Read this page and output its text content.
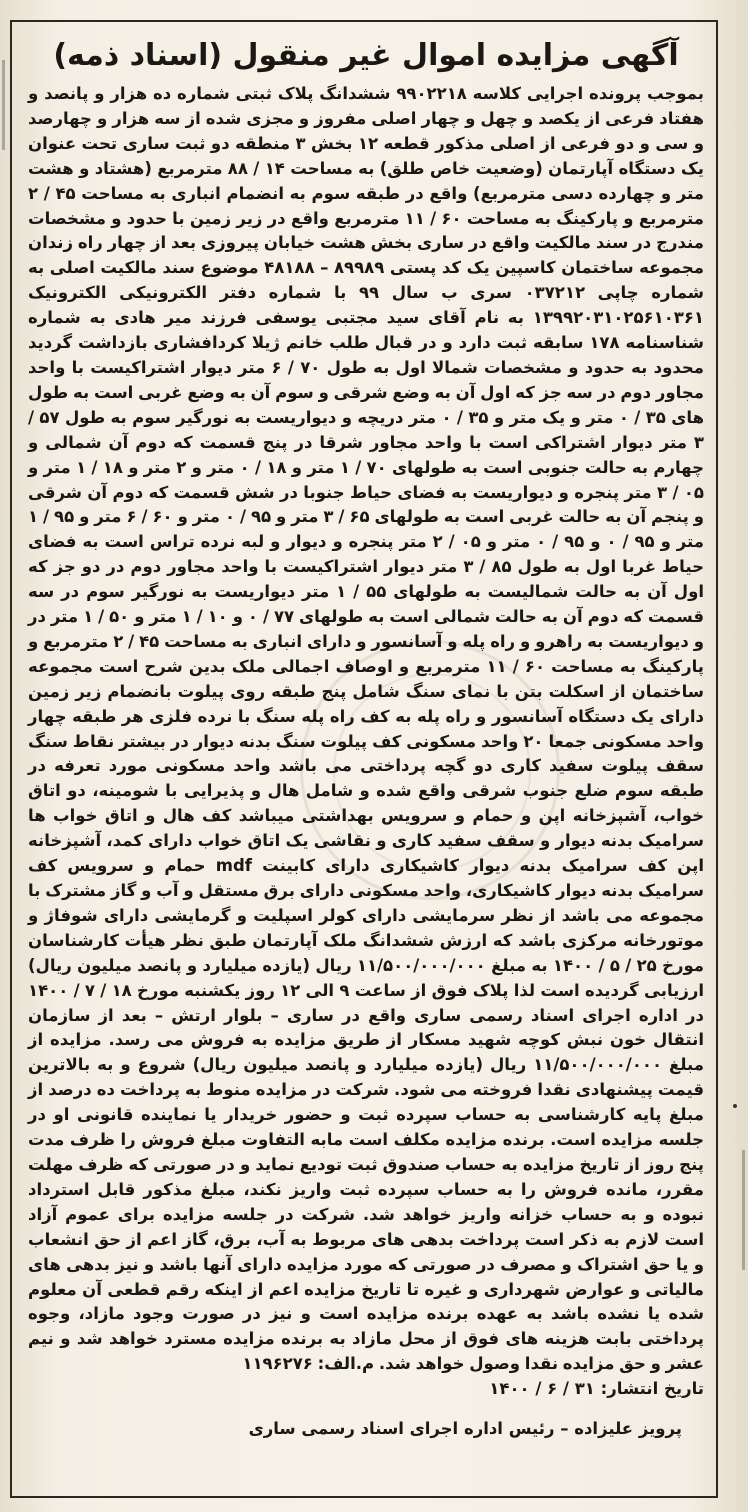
آگهی مزایده اموال غیر منقول (اسناد ذمه)

بموجب پرونده اجرایی کلاسه ۹۹۰۲۲۱۸ ششدانگ پلاک ثبتی شماره ده هزار و پانصد و هفتاد فرعی از یکصد و چهل و چهار اصلی مفروز و مجزی شده از سه هزار و چهارصد و سی و دو فرعی از اصلی مذکور قطعه ۱۲ بخش ۳ منطقه دو ثبت ساری تحت عنوان یک دستگاه آپارتمان (وضعیت خاص طلق) به مساحت ۱۴ / ۸۸ مترمربع (هشتاد و هشت متر و چهارده دسی مترمربع) واقع در طبقه سوم به انضمام انباری به مساحت ۴۵ / ۲ مترمربع و پارکینگ به مساحت ۶۰ / ۱۱ مترمربع واقع در زیر زمین با حدود و مشخصات مندرج در سند مالکیت واقع در ساری بخش هشت خیابان پیروزی بعد از چهار راه زندان مجموعه ساختمان کاسپین یک کد پستی ۸۹۹۸۹ – ۴۸۱۸۸ موضوع سند مالکیت اصلی به شماره چاپی ۰۳۷۲۱۲ سری ب سال ۹۹ با شماره دفتر الکترونیکی الکترونیک ۱۳۹۹۲۰۳۱۰۲۵۶۱۰۳۶۱ به نام آقای سید مجتبی یوسفی فرزند میر هادی به شماره شناسنامه ۱۷۸ سابقه ثبت دارد و در قبال طلب خانم ژیلا کردافشاری بازداشت گردید محدود به حدود و مشخصات شمالا اول به طول ۷۰ / ۶ متر دیوار اشتراکیست با واحد مجاور دوم در سه جز که اول آن به وضع شرقی و سوم آن به وضع غربی است به طول های ۳۵ / ۰ متر و یک متر و ۳۵ / ۰ متر دریچه و دیواریست به نورگیر سوم به طول ۵۷ / ۳ متر دیوار اشتراکی است با واحد مجاور شرقا در پنج قسمت که دوم آن شمالی و چهارم به حالت جنوبی است به طولهای ۷۰ / ۱ متر و ۱۸ / ۰ متر و ۲ متر و ۱۸ / ۱ متر و ۰۵ / ۳ متر پنجره و دیواریست به فضای حیاط جنوبا در شش قسمت که دوم آن شرقی و پنجم آن به حالت غربی است به طولهای ۶۵ / ۳ متر و ۹۵ / ۰ متر و ۶۰ / ۶ متر و ۹۵ / ۱ متر و ۹۵ / ۰ و ۹۵ / ۰ متر و ۰۵ / ۲ متر پنجره و دیوار و لبه نرده تراس است به فضای حیاط غربا اول به طول ۸۵ / ۳ متر دیوار اشتراکیست با واحد مجاور دوم در دو جز که اول آن به حالت شمالیست به طولهای ۵۵ / ۱ متر دیواریست به نورگیر سوم در سه قسمت که دوم آن به حالت شمالی است به طولهای ۷۷ / ۰ و ۱۰ / ۱ متر و ۵۰ / ۱ متر در و دیواریست به راهرو و راه پله و آسانسور و دارای انباری به مساحت ۴۵ / ۲ مترمربع و پارکینگ به مساحت ۶۰ / ۱۱ مترمربع و اوصاف اجمالی ملک بدین شرح است مجموعه ساختمان از اسکلت بتن با نمای سنگ شامل پنج طبقه روی پیلوت بانضمام زیر زمین دارای یک دستگاه آسانسور و راه پله به کف راه پله سنگ با نرده فلزی هر طبقه چهار واحد مسکونی جمعا ۲۰ واحد مسکونی کف پیلوت سنگ بدنه دیوار در بیشتر نقاط سنگ سقف پیلوت سفید کاری دو گچه پرداختی می باشد واحد مسکونی مورد تعرفه در طبقه سوم ضلع جنوب شرقی واقع شده و شامل هال و پذیرایی با شومینه، دو اتاق خواب، آشپزخانه اپن و حمام و سرویس بهداشتی میباشد کف هال و اتاق خواب ها سرامیک بدنه دیوار و سقف سفید کاری و نقاشی یک اتاق خواب دارای کمد، آشپزخانه اپن کف سرامیک بدنه دیوار کاشیکاری دارای کابینت mdf حمام و سرویس کف سرامیک بدنه دیوار کاشیکاری، واحد مسکونی دارای برق مستقل و آب و گاز مشترک با مجموعه می باشد از نظر سرمایشی دارای کولر اسپلیت و گرمایشی دارای شوفاژ و موتورخانه مرکزی باشد که ارزش ششدانگ ملک آپارتمان طبق نظر هیأت کارشناسان مورخ ۲۵ / ۵ / ۱۴۰۰ به مبلغ ۱۱/۵۰۰/۰۰۰/۰۰۰ ریال (یازده میلیارد و پانصد میلیون ریال) ارزیابی گردیده است لذا پلاک فوق از ساعت ۹ الی ۱۲ روز یکشنبه مورخ ۱۸ / ۷ / ۱۴۰۰ در اداره اجرای اسناد رسمی ساری واقع در ساری – بلوار ارتش – بعد از سازمان انتقال خون نبش کوچه شهید مسکار از طریق مزایده به فروش می رسد. مزایده از مبلغ ۱۱/۵۰۰/۰۰۰/۰۰۰ ریال (یازده میلیارد و پانصد میلیون ریال) شروع و به بالاترین قیمت پیشنهادی نقدا فروخته می شود. شرکت در مزایده منوط به پرداخت ده درصد از مبلغ پایه کارشناسی به حساب سپرده ثبت و حضور خریدار یا نماینده قانونی او در جلسه مزایده است. برنده مزایده مکلف است مابه التفاوت مبلغ فروش را ظرف مدت پنج روز از تاریخ مزایده به حساب صندوق ثبت تودیع نماید و در صورتی که ظرف مهلت مقرر، مانده فروش را به حساب سپرده ثبت واریز نکند، مبلغ مذکور قابل استرداد نبوده و به حساب خزانه واریز خواهد شد. شرکت در جلسه مزایده برای عموم آزاد است لازم به ذکر است پرداخت بدهی های مربوط به آب، برق، گاز اعم از حق انشعاب و یا حق اشتراک و مصرف در صورتی که مورد مزایده دارای آنها باشد و نیز بدهی های مالیاتی و عوارض شهرداری و غیره تا تاریخ مزایده اعم از اینکه رقم قطعی آن معلوم شده یا نشده باشد به عهده برنده مزایده است و نیز در صورت وجود مازاد، وجوه پرداختی بابت هزینه های فوق از محل مازاد به برنده مزایده مسترد خواهد شد و نیم عشر و حق مزایده نقدا وصول خواهد شد. م.الف: ۱۱۹۶۲۷۶

تاریخ انتشار: ۳۱ / ۶ / ۱۴۰۰

پرویز علیزاده – رئیس اداره اجرای اسناد رسمی ساری
